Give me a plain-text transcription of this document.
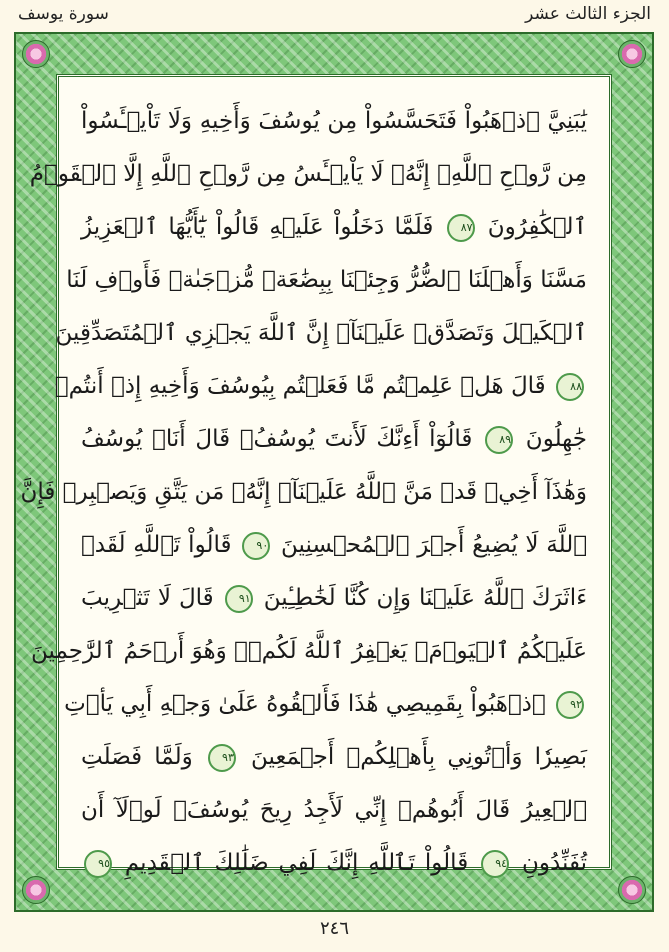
الجزء الثالث عشر
سورة يوسف
يَٰبَنِيَّ ٱذۡهَبُواْ فَتَحَسَّسُواْ مِن يُوسُفَ وَأَخِيهِ وَلَا تَاْيۡـَٔسُواْ
مِن رَّوۡحِ ٱللَّهِۖ إِنَّهُۥ لَا يَاْيۡـَٔسُ مِن رَّوۡحِ ٱللَّهِ إِلَّا ٱلۡقَوۡمُ
ٱلۡكَٰفِرُونَ ٨٧ فَلَمَّا دَخَلُواْ عَلَيۡهِ قَالُواْ يَٰٓأَيُّهَا ٱلۡعَزِيزُ
مَسَّنَا وَأَهۡلَنَا ٱلضُّرُّ وَجِئۡنَا بِبِضَٰعَةٖ مُّزۡجَىٰةٖ فَأَوۡفِ لَنَا
ٱلۡكَيۡلَ وَتَصَدَّقۡ عَلَيۡنَآۖ إِنَّ ٱللَّهَ يَجۡزِي ٱلۡمُتَصَدِّقِينَ
٨٨ قَالَ هَلۡ عَلِمۡتُم مَّا فَعَلۡتُم بِيُوسُفَ وَأَخِيهِ إِذۡ أَنتُمۡ
جَٰهِلُونَ ٨٩ قَالُوٓاْ أَءِنَّكَ لَأَنتَ يُوسُفُۖ قَالَ أَنَا۠ يُوسُفُ
وَهَٰذَآ أَخِيۖ قَدۡ مَنَّ ٱللَّهُ عَلَيۡنَآۖ إِنَّهُۥ مَن يَتَّقِ وَيَصۡبِرۡ فَإِنَّ
ٱللَّهَ لَا يُضِيعُ أَجۡرَ ٱلۡمُحۡسِنِينَ ٩٠ قَالُواْ تَٱللَّهِ لَقَدۡ
ءَاثَرَكَ ٱللَّهُ عَلَيۡنَا وَإِن كُنَّا لَخَٰطِـِٔينَ ٩١ قَالَ لَا تَثۡرِيبَ
عَلَيۡكُمُ ٱلۡيَوۡمَۖ يَغۡفِرُ ٱللَّهُ لَكُمۡۖ وَهُوَ أَرۡحَمُ ٱلرَّٰحِمِينَ
٩٢ ٱذۡهَبُواْ بِقَمِيصِي هَٰذَا فَأَلۡقُوهُ عَلَىٰ وَجۡهِ أَبِي يَأۡتِ
بَصِيرٗا وَأۡتُونِي بِأَهۡلِكُمۡ أَجۡمَعِينَ ٩٣ وَلَمَّا فَصَلَتِ
ٱلۡعِيرُ قَالَ أَبُوهُمۡ إِنِّي لَأَجِدُ رِيحَ يُوسُفَۖ لَوۡلَآ أَن
تُفَنِّدُونِ ٩٤ قَالُواْ تَٱللَّهِ إِنَّكَ لَفِي ضَلَٰلِكَ ٱلۡقَدِيمِ ٩٥
٢٤٦
